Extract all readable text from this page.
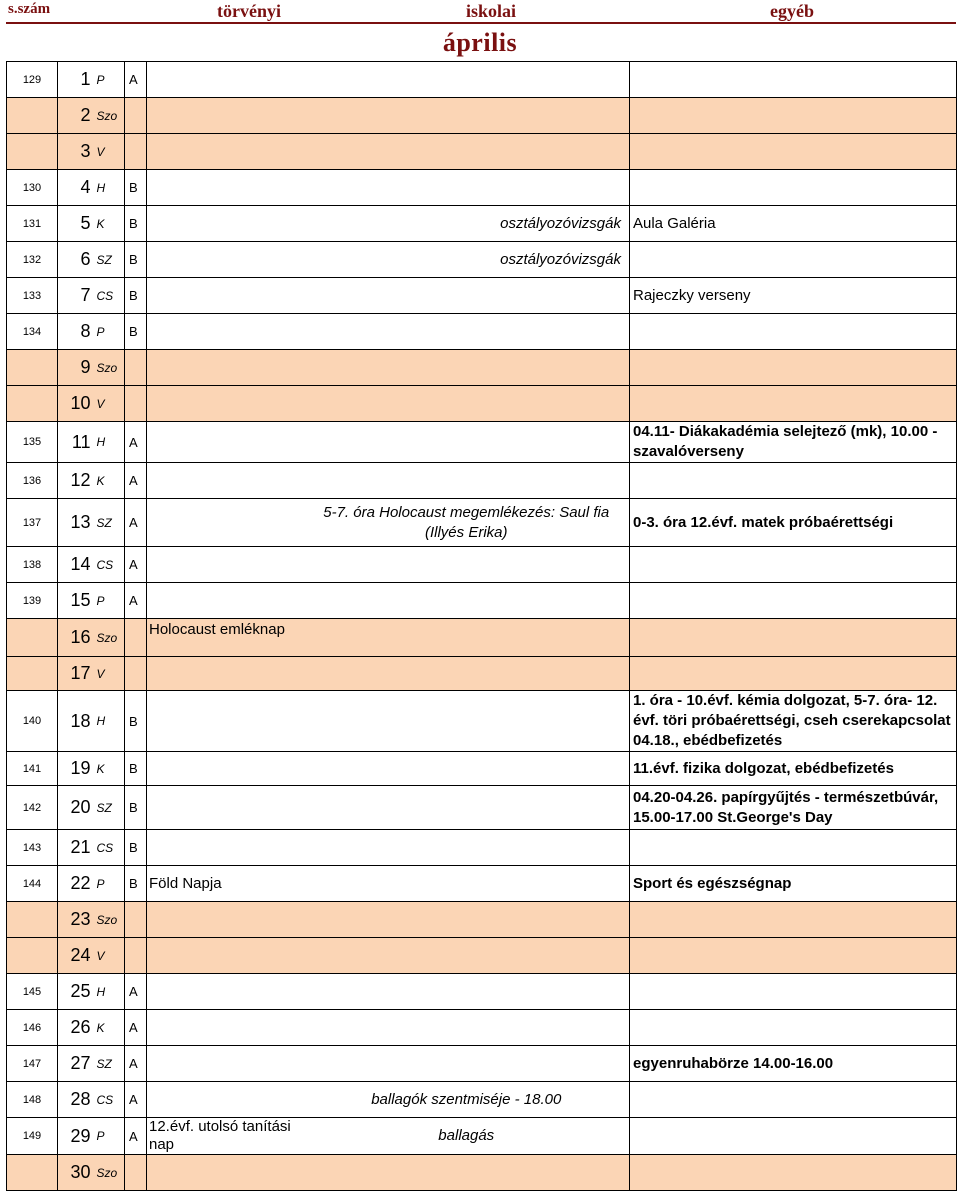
s.szám	törvényi	iskolai	egyéb
április
129	1	P	A			
	2	Szo				
	3	V				
130	4	H	B			
131	5	K	B		osztályozóvizsgák	Aula Galéria
132	6	SZ	B		osztályozóvizsgák	
133	7	CS	B			Rajeczky verseny
134	8	P	B			
	9	Szo				
	10	V				
135	11	H	A			04.11- Diákakadémia selejtező (mk), 10.00 - szavalóverseny
136	12	K	A			
137	13	SZ	A		5-7. óra Holocaust megemlékezés: Saul fia (Illyés Erika)	0-3. óra 12.évf. matek próbaérettségi
138	14	CS	A			
139	15	P	A			
	16	Szo		Holocaust emléknap		
	17	V				
140	18	H	B			1. óra - 10.évf. kémia dolgozat, 5-7. óra- 12. évf. töri próbaérettségi, cseh cserekapcsolat 04.18., ebédbefizetés
141	19	K	B			11.évf. fizika dolgozat, ebédbefizetés
142	20	SZ	B			04.20-04.26. papírgyűjtés - természetbúvár, 15.00-17.00 St.George's Day
143	21	CS	B			
144	22	P	B	Föld Napja		Sport és egészségnap
	23	Szo				
	24	V				
145	25	H	A			
146	26	K	A			
147	27	SZ	A			egyenruhabörze 14.00-16.00
148	28	CS	A		ballagók szentmiséje - 18.00	
149	29	P	A	12.évf. utolsó tanítási nap	ballagás	
	30	Szo				
